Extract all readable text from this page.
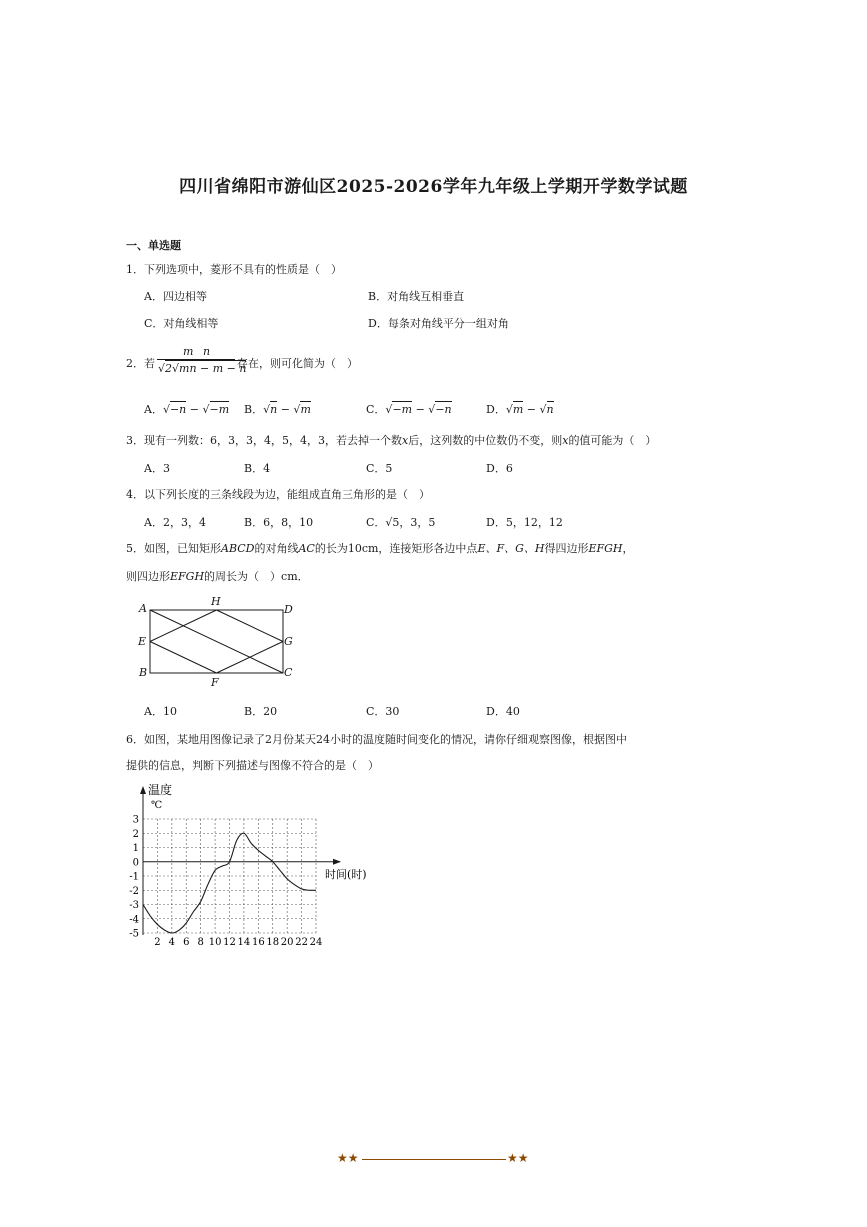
四川省绵阳市游仙区2025-2026学年九年级上学期开学数学试题
一、单选题
1．下列选项中，菱形不具有的性质是（　）
A．四边相等	B．对角线互相垂直
C．对角线相等	D．每条对角线平分一组对角
2．若
m n
√2√mn − m − n
存在，则可化简为（　）
A．√−n − √−m B．√n − √m	C．√−m − √−n	D．√m − √n
3．现有一列数：6，3，3，4，5，4，3，若去掉一个数x后，这列数的中位数仍不变，则x的值可能为（　）
A．3	B．4	C．5	D．6
4．以下列长度的三条线段为边，能组成直角三角形的是（　）
A．2，3，4	B．6，8，10	C．√5，3，5	D．5，12，12
5．如图，已知矩形ABCD的对角线AC的长为10cm，连接矩形各边中点E、F、G、H得四边形EFGH，
则四边形EFGH的周长为（　）cm．
A
H
D
E	G
B
F
C
A．10	B．20	C．30	D．40
6．如图，某地用图像记录了2月份某天24小时的温度随时间变化的情况，请你仔细观察图像，根据图中
提供的信息，判断下列描述与图像不符合的是（　）
2 4 6 8 10 12 14 16 18 20 22 24
3
2
1
0
-1
-2
-3
-4
-5
温度
℃
时间(时)
★★	★★
